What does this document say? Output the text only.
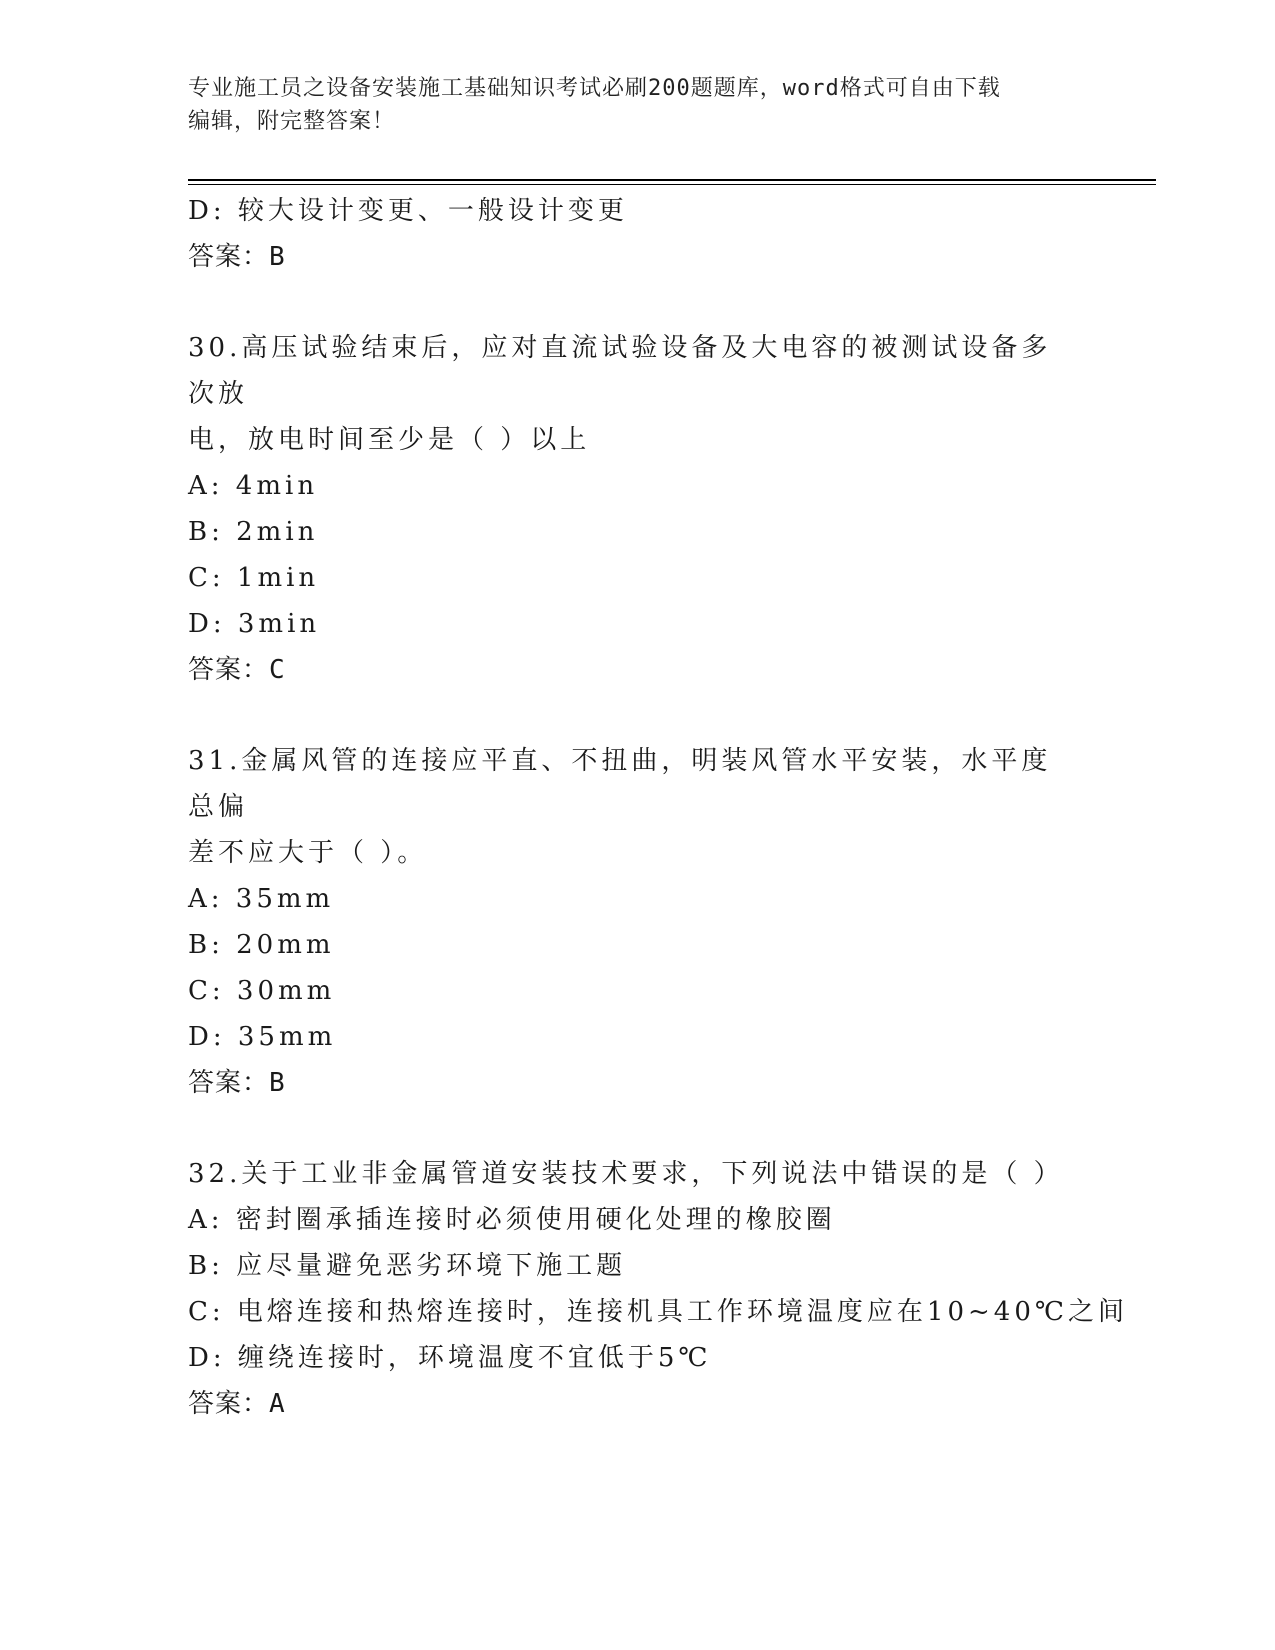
专业施工员之设备安装施工基础知识考试必刷200题题库，word格式可自由下载
编辑，附完整答案！
D: 较大设计变更、一般设计变更
答案：B
30.高压试验结束后，应对直流试验设备及大电容的被测试设备多次放
电，放电时间至少是（ ）以上
A: 4min
B: 2min
C: 1min
D: 3min
答案：C
31.金属风管的连接应平直、不扭曲，明装风管水平安装，水平度总偏
差不应大于（ ）。
A: 35mm
B: 20mm
C: 30mm
D: 35mm
答案：B
32.关于工业非金属管道安装技术要求，下列说法中错误的是（ ）
A: 密封圈承插连接时必须使用硬化处理的橡胶圈
B: 应尽量避免恶劣环境下施工题
C: 电熔连接和热熔连接时，连接机具工作环境温度应在10~40℃之间
D: 缠绕连接时，环境温度不宜低于5℃
答案：A
